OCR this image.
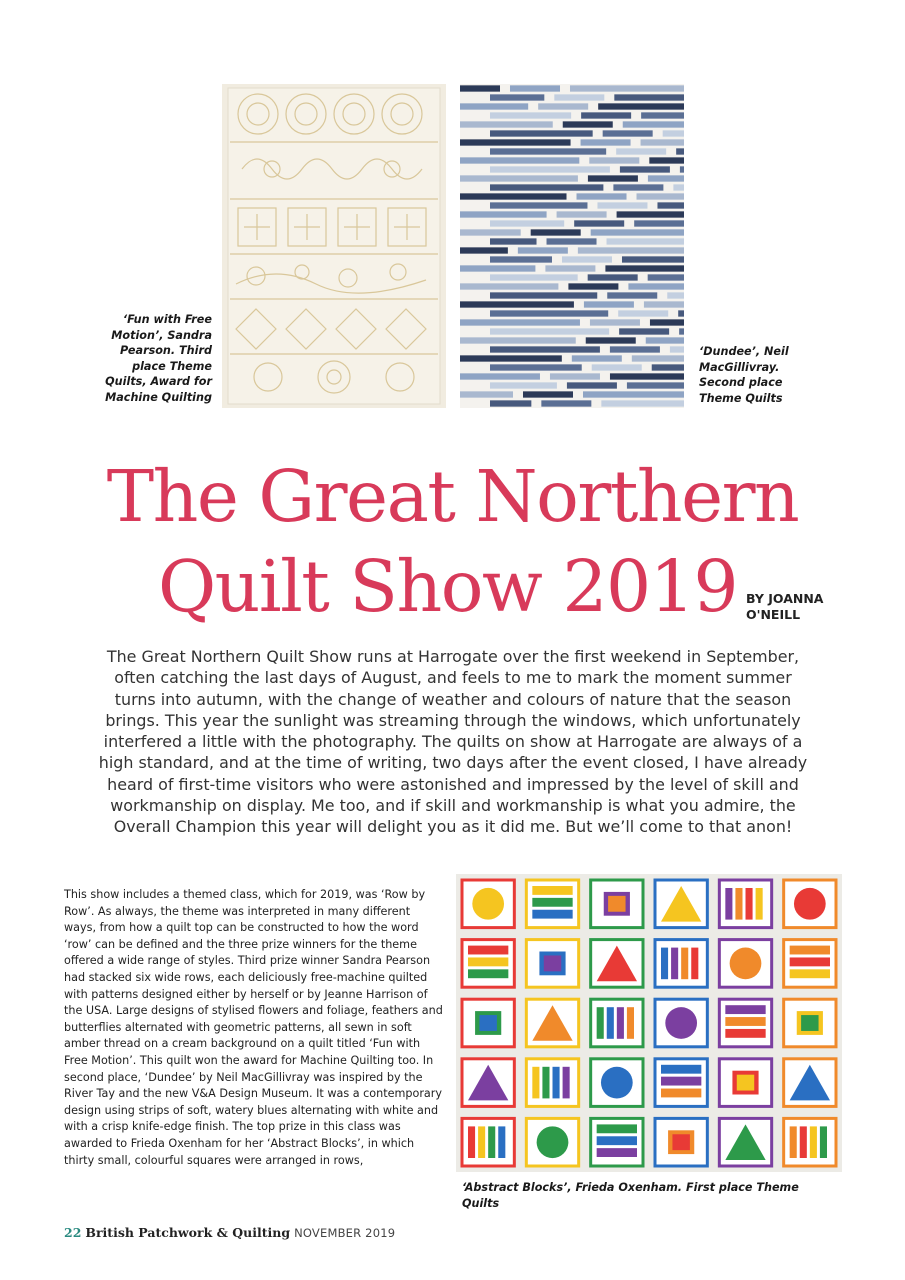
‘Fun with Free Motion’, Sandra Pearson. Third place Theme Quilts, Award for Machine Quilting
‘Dundee’, Neil MacGillivray. Second place Theme Quilts
The Great Northern
Quilt Show 2019 BY JOANNA O'NEILL
The Great Northern Quilt Show runs at Harrogate over the first weekend in September, often catching the last days of August, and feels to me to mark the moment summer turns into autumn, with the change of weather and colours of nature that the season brings. This year the sunlight was streaming through the windows, which unfortunately interfered a little with the photography. The quilts on show at Harrogate are always of a high standard, and at the time of writing, two days after the event closed, I have already heard of first-time visitors who were astonished and impressed by the level of skill and workmanship on display. Me too, and if skill and workmanship is what you admire, the Overall Champion this year will delight you as it did me. But we’ll come to that anon!
This show includes a themed class, which for 2019, was ‘Row by Row’. As always, the theme was interpreted in many different ways, from how a quilt top can be constructed to how the word ‘row’ can be defined and the three prize winners for the theme offered a wide range of styles. Third prize winner Sandra Pearson had stacked six wide rows, each deliciously free-machine quilted with patterns designed either by herself or by Jeanne Harrison of the USA. Large designs of stylised flowers and foliage, feathers and butterflies alternated with geometric patterns, all sewn in soft amber thread on a cream background on a quilt titled ‘Fun with Free Motion’. This quilt won the award for Machine Quilting too. In second place, ‘Dundee’ by Neil MacGillivray was inspired by the River Tay and the new V&A Design Museum. It was a contemporary design using strips of soft, watery blues alternating with white and with a crisp knife-edge finish. The top prize in this class was awarded to Frieda Oxenham for her ‘Abstract Blocks’, in which thirty small, colourful squares were arranged in rows,
‘Abstract Blocks’, Frieda Oxenham. First place Theme Quilts
22 British Patchwork & Quilting NOVEMBER 2019
